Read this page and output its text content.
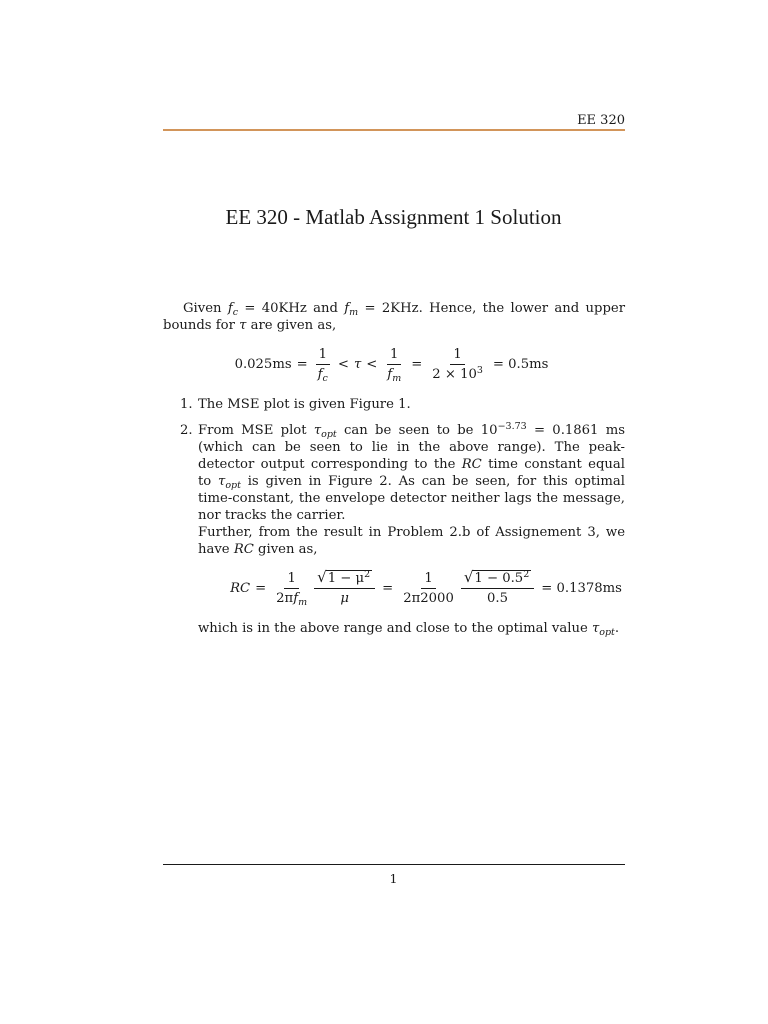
EE 320
EE 320 - Matlab Assignment 1 Solution

Given $f_c = 40KHz$ and $f_m = 2KHz$. Hence, the lower and upper bounds for τ are given as,

$0.025ms = \frac{1}{f_c} < \tau < \frac{1}{f_m} = \frac{1}{2 \times 10^3} = 0.5ms$
1. The MSE plot is given Figure 1.
2. From MSE plot $\tau_{opt}$ can be seen to be $10^{-3.73} = 0.1861$ ms (which can be seen to lie in the above range). The peak-detector output corresponding to the RC time constant equal to $\tau_{opt}$ is given in Figure 2. As can be seen, for this optimal time-constant, the envelope detector neither lags the message, nor tracks the carrier.

Further, from the result in Problem 2.b of Assignement 3, we have RC given as,

RC = $\frac{1}{2\pi f_m} \frac{√ 1 - \mu^2}{\mu} = \frac{1}{2\pi 2000} \frac{√ 1 - 0.5^2}{0.5} = 0.1378ms$

which is in the above range and close to the optimal value $\tau_{opt}$.

1
